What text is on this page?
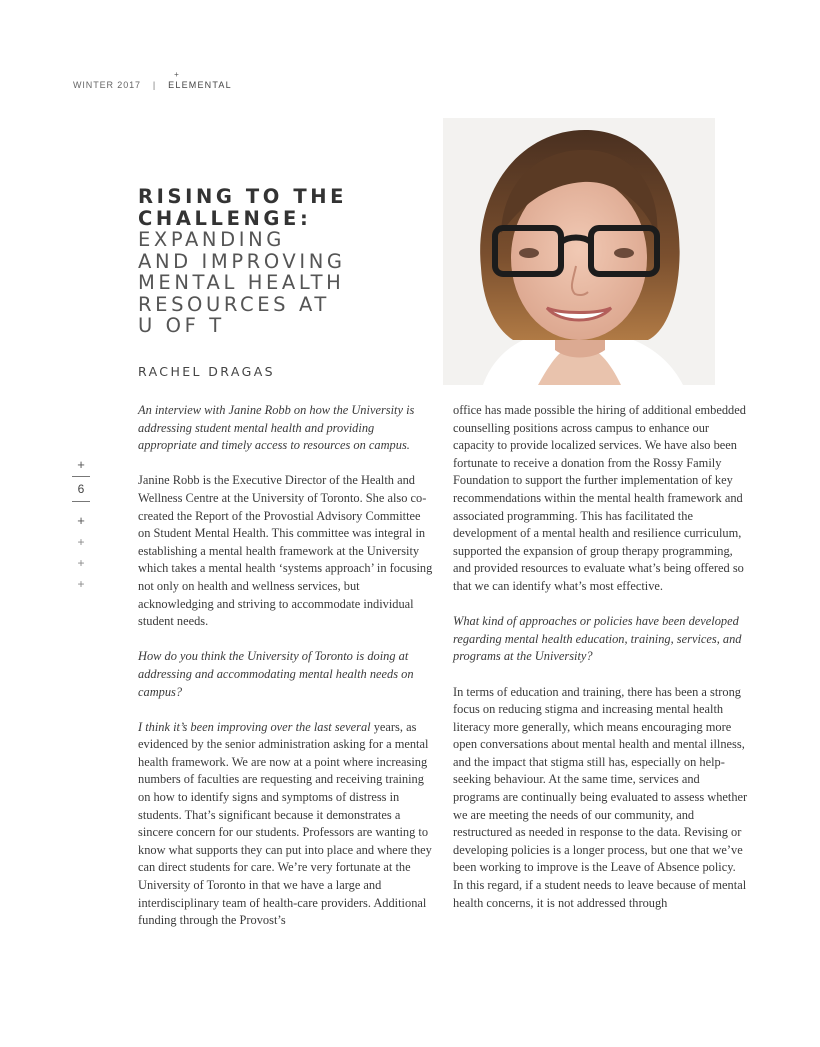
WINTER 2017 |
+
ELEMENTAL
RISING TO THE
CHALLENGE:
EXPANDING
AND IMPROVING
MENTAL HEALTH
RESOURCES AT
U OF T
RACHEL DRAGAS
+
6
+
+
+
+

An interview with Janine Robb on how the University is addressing student mental health and providing appropriate and timely access to resources on campus.

Janine Robb is the Executive Director of the Health and Wellness Centre at the University of Toronto. She also co-created the Report of the Provostial Advisory Committee on Student Mental Health. This committee was integral in establishing a mental health framework at the University which takes a mental health ‘systems approach’ in focusing not only on health and wellness services, but acknowledging and striving to accommodate individual student needs.

How do you think the University of Toronto is doing at addressing and accommodating mental health needs on campus?

I think it’s been improving over the last several years, as evidenced by the senior administration asking for a mental health framework. We are now at a point where increasing numbers of faculties are requesting and receiving training on how to identify signs and symptoms of distress in students. That’s significant because it demonstrates a sincere concern for our students. Professors are wanting to know what supports they can put into place and where they can direct students for care. We’re very fortunate at the University of Toronto in that we have a large and interdisciplinary team of health-care providers. Additional funding through the Provost’s

office has made possible the hiring of additional embedded counselling positions across campus to enhance our capacity to provide localized services. We have also been fortunate to receive a donation from the Rossy Family Foundation to support the further implementation of key recommendations within the mental health framework and associated programming. This has facilitated the development of a mental health and resilience curriculum, supported the expansion of group therapy programming, and provided resources to evaluate what’s being offered so that we can identify what’s most effective.

What kind of approaches or policies have been developed regarding mental health education, training, services, and programs at the University?

In terms of education and training, there has been a strong focus on reducing stigma and increasing mental health literacy more generally, which means encouraging more open conversations about mental health and mental illness, and the impact that stigma still has, especially on help-seeking behaviour. At the same time, services and programs are continually being evaluated to assess whether we are meeting the needs of our community, and restructured as needed in response to the data. Revising or developing policies is a longer process, but one that we’ve been working to improve is the Leave of Absence policy. In this regard, if a student needs to leave because of mental health concerns, it is not addressed through
